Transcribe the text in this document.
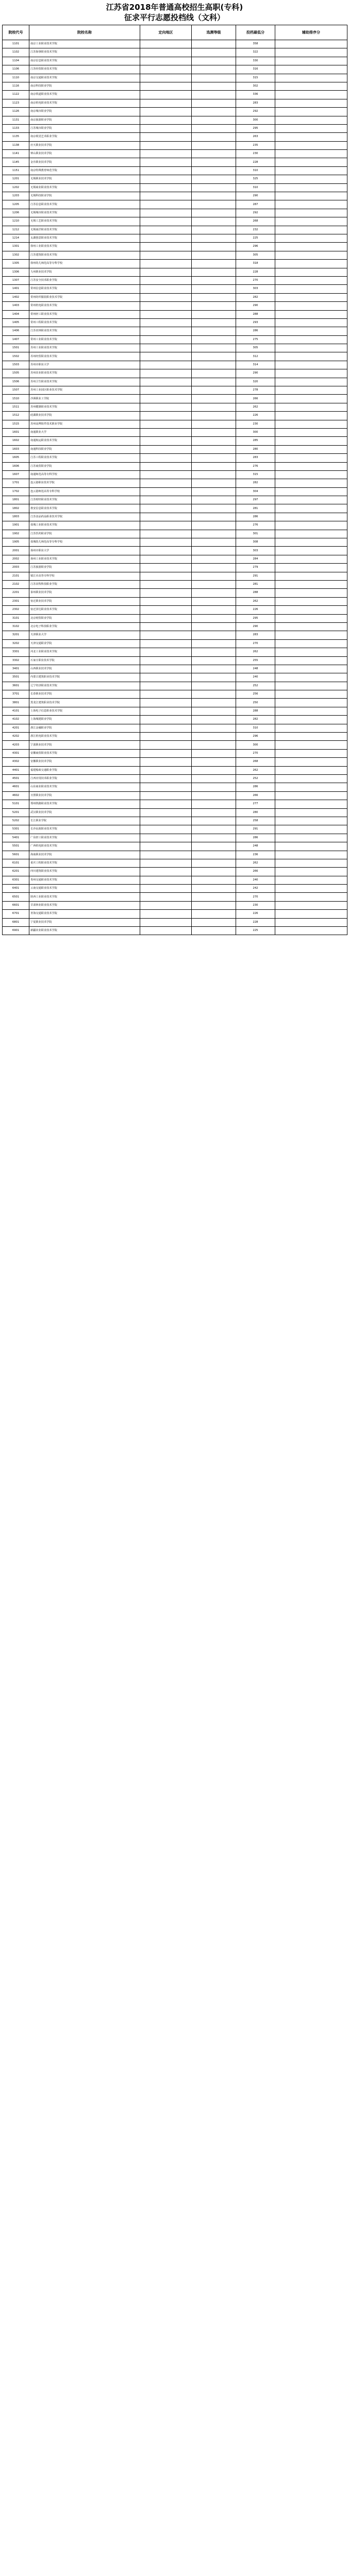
江苏省2018年普通高校招生高职(专科)
征求平行志愿投档线（文科）
院校代号	院校名称	定向地区	选测等级	投档最低分	辅助排序分
1101	南京工业职业技术学院			358	
1102	江苏海事职业技术学院			322	
1104	南京信息职业技术学院			330	
1106	江苏经贸职业技术学院			316	
1110	南京交通职业技术学院			315	
1116	南京科技职业学院			302	
1122	南京铁道职业技术学院			336	
1123	南京机电职业技术学院			283	
1126	南京城市职业学院			292	
1131	南京旅游职业学院			300	
1133	江苏城市职业学院			295	
1135	南京视觉艺术职业学院			263	
1138	应天职业技术学院			235	
1141	钟山职业技术学院			230	
1145	金肯职业技术学院			228	
1151	南京特殊教育师范学院			310	
1201	无锡职业技术学院			325	
1202	无锡商业职业技术学院			310	
1203	无锡科技职业学院			290	
1205	江苏信息职业技术学院			287	
1206	无锡城市职业技术学院			292	
1210	无锡工艺职业技术学院			268	
1212	无锡南洋职业技术学院			232	
1214	太湖创意职业技术学院			225	
1301	徐州工业职业技术学院			296	
1302	江苏建筑职业技术学院			305	
1305	徐州幼儿师范高等专科学校			318	
1306	九州职业技术学院			228	
1307	江苏安全技术职业学院			270	
1401	常州信息职业技术学院			303	
1402	常州纺织服装职业技术学院			282	
1403	常州机电职业技术学院			290	
1404	常州轻工职业技术学院			288	
1405	常州工程职业技术学院			293	
1406	江苏农林职业技术学院			286	
1407	常州工业职业技术学院			275	
1501	苏州工业职业技术学院			305	
1502	苏州经贸职业技术学院			312	
1503	苏州市职业大学			314	
1505	苏州农业职业技术学院			290	
1506	苏州卫生职业技术学院			320	
1507	苏州工业园区职业技术学院			278	
1510	沙洲职业工学院			266	
1511	苏州健雄职业技术学院			262	
1512	硅湖职业技术学院			226	
1515	苏州高博软件技术职业学院			230	
1601	南通职业大学			300	
1602	南通航运职业技术学院			285	
1603	南通科技职业学院			280	
1605	江苏工程职业技术学院			283	
1606	江苏商贸职业学院			276	
1607	南通师范高等专科学校			315	
1701	连云港职业技术学院			282	
1702	连云港师范高等专科学校			304	
1801	江苏财经职业技术学院			297	
1802	淮安信息职业技术学院			281	
1803	江苏食品药品职业技术学院			286	
1901	盐城工业职业技术学院			276	
1902	江苏医药职业学院			301	
1905	盐城幼儿师范高等专科学校			308	
2001	扬州市职业大学			303	
2002	扬州工业职业技术学院			284	
2003	江苏旅游职业学院			279	
2101	镇江市高等专科学校			291	
2102	江苏农牧科技职业学院			281	
2201	泰州职业技术学院			288	
2301	宿迁职业技术学院			262	
2302	宿迁泽达职业技术学院			226	
3101	北京财贸职业学院			295	
3102	北京电子科技职业学院			290	
3201	天津职业大学			283	
3202	天津交通职业学院			270	
3301	河北工业职业技术学院			262	
3302	石家庄职业技术学院			255	
3401	山西职业技术学院			248	
3501	内蒙古建筑职业技术学院			240	
3601	辽宁经济职业技术学院			252	
3701	长春职业技术学院			256	
3801	黑龙江建筑职业技术学院			250	
4101	上海电子信息职业技术学院			288	
4102	上海城建职业学院			282	
4201	浙江金融职业学院			310	
4202	浙江机电职业技术学院			296	
4203	宁波职业技术学院			300	
4301	安徽商贸职业技术学院			270	
4302	安徽职业技术学院			268	
4401	福建船政交通职业学院			262	
4501	江西应用技术职业学院			252	
4601	山东商业职业技术学院			286	
4602	日照职业技术学院			266	
5101	郑州铁路职业技术学院			277	
5201	武汉职业技术学院			280	
5202	长江职业学院			258	
5301	长沙民政职业技术学院			291	
5401	广东轻工职业技术学院			286	
5501	广西机电职业技术学院			248	
5601	海南职业技术学院			236	
6101	重庆工程职业技术学院			262	
6201	四川建筑职业技术学院			266	
6301	贵州交通职业技术学院			240	
6401	云南交通职业技术学院			242	
6501	陕西工业职业技术学院			270	
6601	甘肃林业职业技术学院			230	
6701	青海交通职业技术学院			226	
6801	宁夏职业技术学院			228	
6901	新疆农业职业技术学院			225	
